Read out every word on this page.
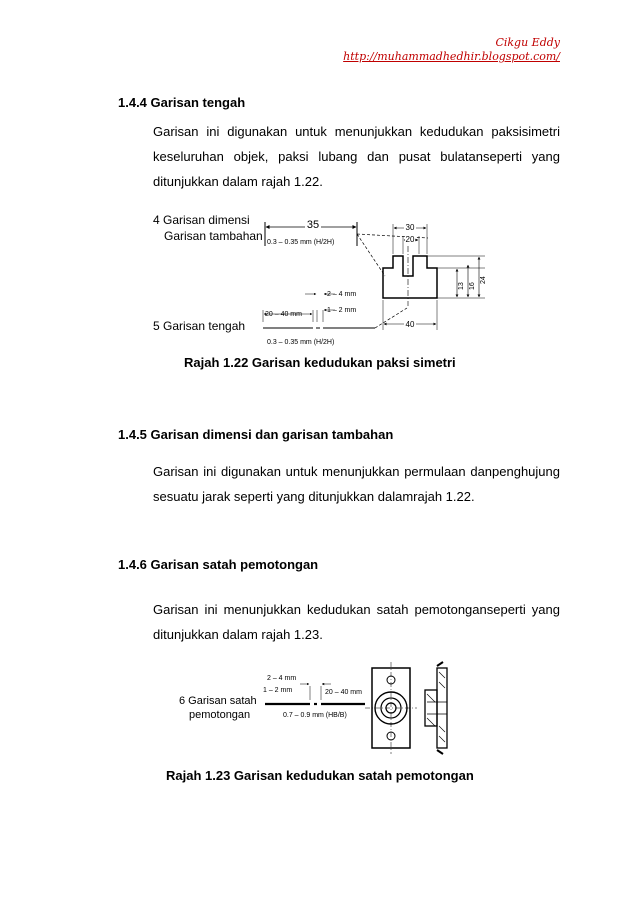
Cikgu Eddy
http://muhammadhedhir.blogspot.com/
1.4.4 Garisan tengah
Garisan ini digunakan untuk menunjukkan kedudukan paksisimetri keseluruhan objek, paksi lubang dan pusat bulatanseperti yang ditunjukkan dalam rajah 1.22.
4 Garisan dimensi
Garisan tambahan
5 Garisan tengah
35
0.3 – 0.35 mm (H/2H)
30
20
13 16
24
40
20 – 40 mm
2 – 4 mm
1 – 2 mm
0.3 – 0.35 mm (H/2H)
Rajah 1.22 Garisan kedudukan paksi simetri
1.4.5 Garisan dimensi dan garisan tambahan
Garisan ini digunakan untuk menunjukkan permulaan danpenghujung sesuatu jarak seperti yang ditunjukkan dalamrajah 1.22.
1.4.6 Garisan satah pemotongan
Garisan ini menunjukkan kedudukan satah pemotonganseperti yang ditunjukkan dalam rajah 1.23.
6 Garisan satah
pemotongan
2 – 4 mm
1 – 2 mm	20 – 40 mm
0.7 – 0.9 mm (HB/B)
Rajah 1.23 Garisan kedudukan satah pemotongan
